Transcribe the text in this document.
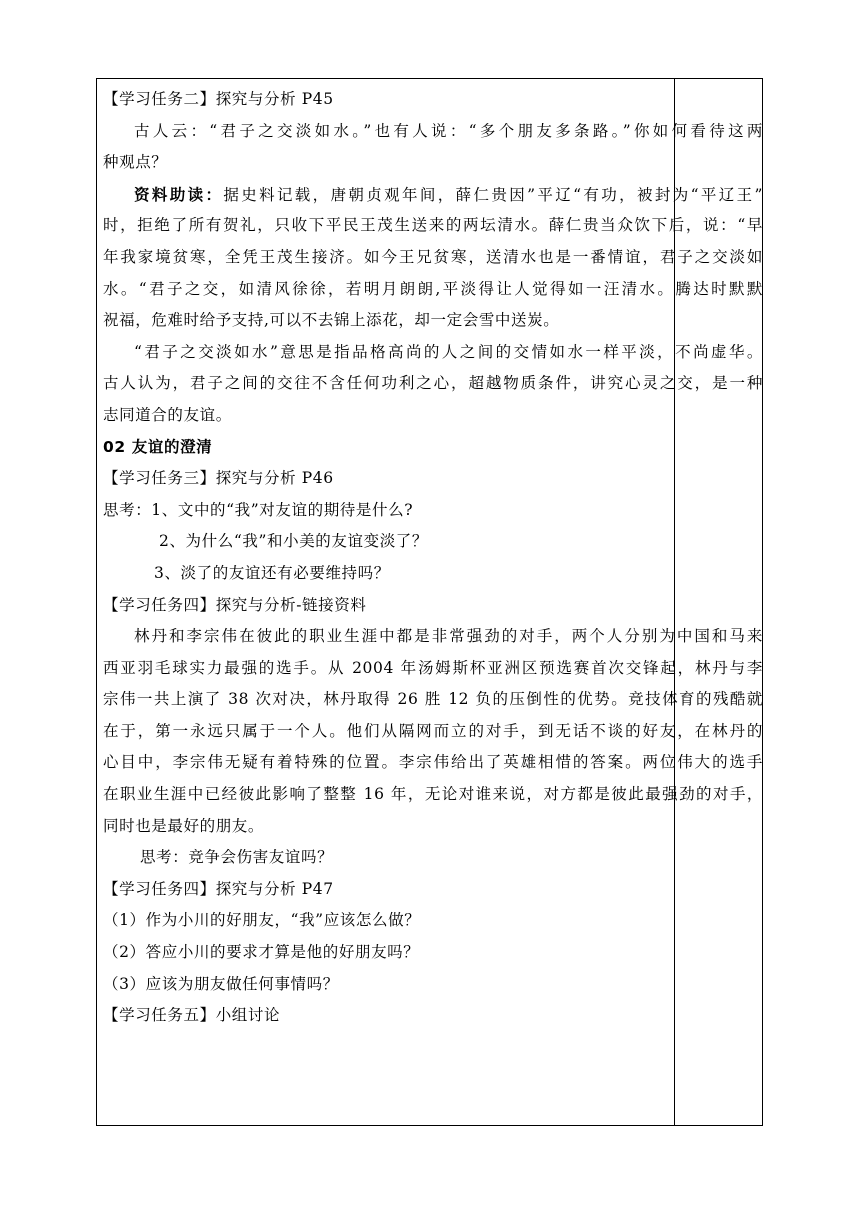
【学习任务二】探究与分析 P45
古人云：“君子之交淡如水。”也有人说：“多个朋友多条路。”你如何看待这两
种观点？
资料助读：据史料记载，唐朝贞观年间，薛仁贵因”平辽“有功，被封为“平辽王”
时，拒绝了所有贺礼，只收下平民王茂生送来的两坛清水。薛仁贵当众饮下后，说：“早
年我家境贫寒，全凭王茂生接济。如今王兄贫寒，送清水也是一番情谊，君子之交淡如
水。“君子之交，如清风徐徐，若明月朗朗,平淡得让人觉得如一汪清水。腾达时默默
祝福，危难时给予支持,可以不去锦上添花，却一定会雪中送炭。
“君子之交淡如水”意思是指品格高尚的人之间的交情如水一样平淡，不尚虚华。
古人认为，君子之间的交往不含任何功利之心，超越物质条件，讲究心灵之交，是一种
志同道合的友谊。
02 友谊的澄清
【学习任务三】探究与分析 P46
思考：1、文中的“我”对友谊的期待是什么?
2、为什么“我”和小美的友谊变淡了？
3、淡了的友谊还有必要维持吗？
【学习任务四】探究与分析-链接资料
林丹和李宗伟在彼此的职业生涯中都是非常强劲的对手，两个人分别为中国和马来
西亚羽毛球实力最强的选手。从 2004 年汤姆斯杯亚洲区预选赛首次交锋起，林丹与李
宗伟一共上演了 38 次对决，林丹取得 26 胜 12 负的压倒性的优势。竞技体育的残酷就
在于，第一永远只属于一个人。他们从隔网而立的对手，到无话不谈的好友，在林丹的
心目中，李宗伟无疑有着特殊的位置。李宗伟给出了英雄相惜的答案。两位伟大的选手
在职业生涯中已经彼此影响了整整 16 年，无论对谁来说，对方都是彼此最强劲的对手，
同时也是最好的朋友。
思考：竞争会伤害友谊吗？
【学习任务四】探究与分析 P47
（1）作为小川的好朋友，“我”应该怎么做？
（2）答应小川的要求才算是他的好朋友吗？
（3）应该为朋友做任何事情吗？
【学习任务五】小组讨论
